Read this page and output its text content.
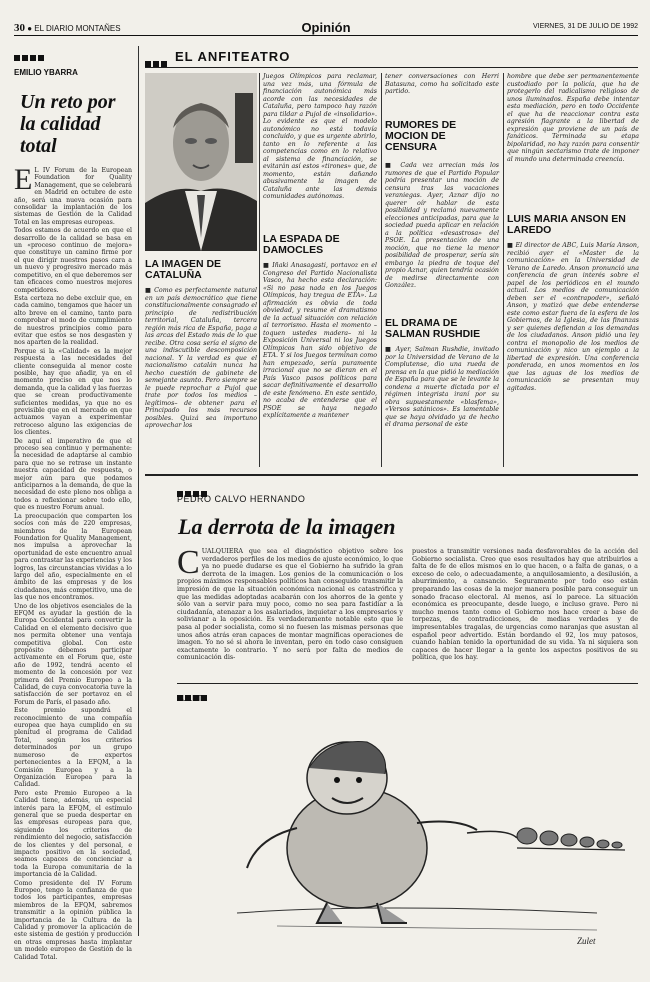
30 ● EL DIARIO MONTAÑES	Opinión	VIERNES, 31 DE JULIO DE 1992
EMILIO YBARRA
Un reto por la calidad total

E L IV Forum de la European Foundation for Quality Management, que se celebrará en Madrid en octubre de este año, será una nueva ocasión para consolidar la implantación de los sistemas de Gestión de la Calidad Total en las empresas europeas.

Todos estamos de acuerdo en que el desarrollo de la calidad se basa en un «proceso continuo de mejora» que constituye un camino firme por el que dirigir nuestros pasos cara a un nuevo y progresivo mercado más competitivo, en el que deberemos ser tan eficaces como nuestros mejores competidores.

Esta certeza no debe excluir que, en cada camino, tengamos que hacer un alto breve en el camino, tanto para comprobar el modo de cumplimiento de nuestros principios como para evitar que estos se nos desgasten y nos aparten de la realidad.

Porque si la «Calidad» es la mejor respuesta a las necesidades del cliente conseguida al menor coste posible, hay que añadir, ya en el momento preciso en que nos lo demanda, que la calidad y las fuerzas que se crean productivamente suficientes medidas, ya que no es previsible que en el mercado en que actuamos vayan a experimentar retroceso alguno las exigencias de los clientes.

De aquí el imperativo de que el proceso sea continuo y permanente: la necesidad de adaptarse al cambio para que no se retrase un instante nuestra capacidad de respuesta, o mejor aún para que podamos anticiparnos a la demanda, de que la necesidad de este pleno nos obliga a todos a reflexionar sobre todo ello, que es nuestro Forum anual.

La preocupación que comparten los socios con más de 220 empresas, miembros de la European Foundation for Quality Management, nos impulsa a aprovechar la oportunidad de este encuentro anual para contrastar las experiencias y los logros, las circunstancias vividas a lo largo del año, especialmente en el ámbito de las empresas y de los ciudadanos, más competitivo, una de las que nos encontramos.

Uno de los objetivos esenciales de la EFQM es ayudar la gestión de la Europa Occidental para convertir la Calidad en el elemento decisivo que nos permita obtener una ventaja competitiva global. Con este propósito debemos participar activamente en el Forum que, este año de 1992, tendrá acento el momento de la concesión por vez primera del Premio Europeo a la Calidad, de cuya convocatoria tuve la satisfacción de ser portavoz en el Forum de París, el pasado año.

Este premio supondrá el reconocimiento de una compañía europea que haya cumplido en su plenitud el programa de Calidad Total, según los criterios determinados por un grupo numeroso de expertos pertenecientes a la EFQM, a la Comisión Europea y a la Organización Europea para la Calidad.

Pero este Premio Europeo a la Calidad tiene, además, un especial interés para la EFQM, el estímulo general que se pueda despertar en las empresas europeas para que, siguiendo los criterios de rendimiento del negocio, satisfacción de los clientes y del personal, e impacto positivo en la sociedad, seamos capaces de concienciar a toda la Europa comunitaria de la importancia de la Calidad.

Como presidente del IV Forum Europeo, tengo la confianza de que todos los participantes, empresas miembros de la EFQM, sabremos transmitir a la opinión pública la importancia de la Cultura de la Calidad y promover la aplicación de este sistema de gestión y producción en otras empresas hasta implantar un modelo europeo de Gestión de la Calidad Total.

EL ANFITEATRO
LA IMAGEN DE CATALUÑA

■ Como es perfectamente natural en un país democrático que tiene constitucionalmente consagrado el principio de redistribución territorial, Cataluña, tercera región más rica de España, paga a las arcas del Estado más de lo que recibe. Otra cosa sería el signo de una indiscutible descomposición nacional. Y la verdad es que el nacionalismo catalán nunca ha hecho cuestión de gabinete de semejante asunto. Pero siempre se le puede reprochar a Pujol que trate por todos los medios –legítimos– de obtener para el Principado los más recursos posibles. Quizá sea importuno aprovechar los

Juegos Olímpicos para reclamar, una vez más, una fórmula de financiación autonómica más acorde con las necesidades de Cataluña, pero tampoco hay razón para tildar a Pujol de «insolidario». Lo evidente es que el modelo autonómico no está todavía concluido, y que es urgente abrirlo, tanto en lo referente a las competencias como en lo relativo al sistema de financiación, se evitarán así estos «tirones» que, de momento, están dañando abusivamente la imagen de Cataluña ante las demás comunidades autónomas.

LA ESPADA DE DAMOCLES

■ Iñaki Anasagasti, portavoz en el Congreso del Partido Nacionalista Vasco, ha hecho esta declaración: «Si no pasa nada en los Juegos Olímpicos, hay tregua de ETA». La afirmación es obvia de toda obviedad, y resume el dramatismo de la actual situación con relación al terrorismo. Hasta el momento –toquen ustedes madera– ni la Exposición Universal ni los Juegos Olímpicos han sido objetivo de ETA. Y si los Juegos terminan como han empezado, sería puramente irracional que no se dieran en el País Vasco pasos políticos para sacar definitivamente el desarrollo de este fenómeno. En este sentido, no acaba de entenderse que el PSOE se haya negado explícitamente a mantener

tener conversaciones con Herri Batasuna, como ha solicitado este partido.

RUMORES DE MOCION DE CENSURA

■ Cada vez arrecian más los rumores de que el Partido Popular podría presentar una moción de censura tras las vacaciones veraniegas. Ayer, Aznar dijo no querer oír hablar de esta posibilidad y reclamó nuevamente elecciones anticipadas, para que la sociedad pueda aplicar en relación a la política «desastrosa» del PSOE. La presentación de una moción, que no tiene la menor posibilidad de prosperar, sería sin embargo la piedra de toque del propio Aznar, quien tendría ocasión de medirse directamente con González.

EL DRAMA DE SALMAN RUSHDIE

■ Ayer, Salman Rushdie, invitado por la Universidad de Verano de la Complutense, dio una rueda de prensa en la que pidió la mediación de España para que se le levante la condena a muerte dictada por el régimen integrista iraní por su obra supuestamente «blasfema», «Versos satánicos». Es lamentable que se haya olvidado ya de hecho el drama personal de este

hombre que debe ser permanentemente custodiado por la policía, que ha de protegerlo del radicalismo religioso de unos iluminados. España debe intentar esta mediación, pero en todo Occidente el que ha de reaccionar contra esta agresión flagrante a la libertad de expresión que proviene de un país de fanáticos. Terminada su etapa bipolaridad, no hay razón para consentir que ningún sectarismo trate de imponer al mundo una determinada creencia.

LUIS MARIA ANSON EN LAREDO

■ El director de ABC, Luis María Anson, recibió ayer el «Master de la comunicación» en la Universidad de Verano de Laredo. Anson pronunció una conferencia de gran interés sobre el papel de los periódicos en el mundo actual. Los medios de comunicación deben ser el «contrapoder», señaló Anson, y matizó que debe entenderse este como estar fuera de la esfera de los Gobiernos, de la Iglesia, de las finanzas y ser quienes defiendan a los demandas de los ciudadanos. Anson pidió una ley contra el monopolio de los medios de comunicación y nico un ejemplo a la libertad de expresión. Una conferencia ponderada, en unos momentos en los que las aguas de los medios de comunicación se presentan muy agitadas.

PEDRO CALVO HERNANDO
La derrota de la imagen
CUALQUIERA que sea el diagnóstico objetivo sobre los verdaderos perfiles de los medios de ajuste económico, lo que ya no puede dudarse es que el Gobierno ha sufrido la gran derrota de la imagen. Los genios de la comunicación o los propios máximos responsables políticos han conseguido transmitir la impresión de que la situación económica nacional es catastrófica y que las medidas adoptadas acabarán con los ahorros de la gente y sólo van a servir para muy poco, como no sea para fastidiar a la ciudadanía, atenazar a los asalariados, inquietar a los empresarios y solivianar a la oposición. Es verdaderamente notable esto que le pasa al poder socialista, como si no fuesen las mismas personas que unos años atrás eran capaces de montar magníficas operaciones de imagen. Yo no sé si ahora le inventan, pero en todo caso consiguen exactamente lo contrario. Y no será por falta de medios de comunicación dis-
puestos a transmitir versiones nada desfavorables de la acción del Gobierno socialista. Creo que esos resultados hay que atribuirlos a falta de fe de ellos mismos en lo que hacen, o a falta de ganas, o a exceso de celo, o adecuadamente, a anquilosamiento, a desilusión, a aburrimiento, a cansancio. Seguramente por todo eso están preparando las cosas de la mejor manera posible para conseguir un sonado fracaso electoral. Al menos, así lo parece. La situación económica es preocupante, desde luego, e incluso grave. Pero ni mucho menos tanto como el Gobierno nos hace creer a base de torpezas, de contradicciones, de medias verdades y de impresentables tragalas, de urgencias como naranjas que asustan al español peor advertido. Están bordando el 92, los muy patosos, cuando habían tenido la oportunidad de su vida. Ya ni siquiera son capaces de hacer llegar a la gente los aspectos positivos de su política, que los hay.
ZULET
Zulet
